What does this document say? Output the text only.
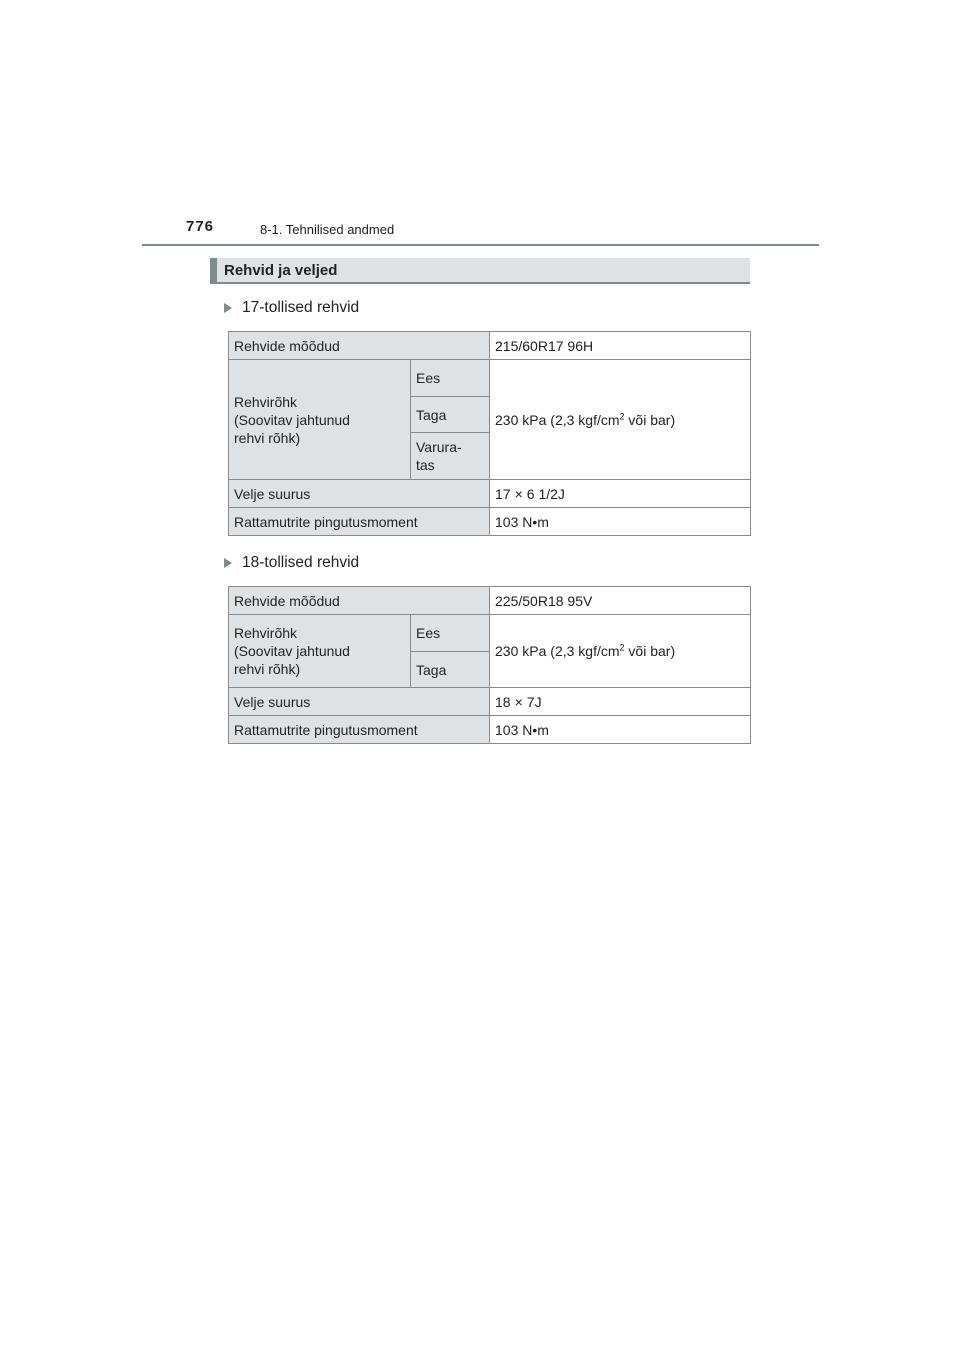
776	8-1. Tehnilised andmed
Rehvid ja veljed
17-tollised rehvid
Rehvide mõõdud		215/60R17 96H
Rehvirõhk
(Soovitav jahtunud
rehvi rõhk)	Ees	230 kPa (2,3 kgf/$cm^2$ või bar)
	Taga	
	Varura-
tas	
Velje suurus		17 × 6 1/2J
Rattamutrite pingutusmoment		103 N•m
18-tollised rehvid
Rehvide mõõdud		225/50R18 95V
Rehvirõhk
(Soovitav jahtunud
rehvi rõhk)	Ees	230 kPa (2,3 kgf/$cm^2$ või bar)
	Taga	
Velje suurus		18 × 7J
Rattamutrite pingutusmoment		103 N•m
